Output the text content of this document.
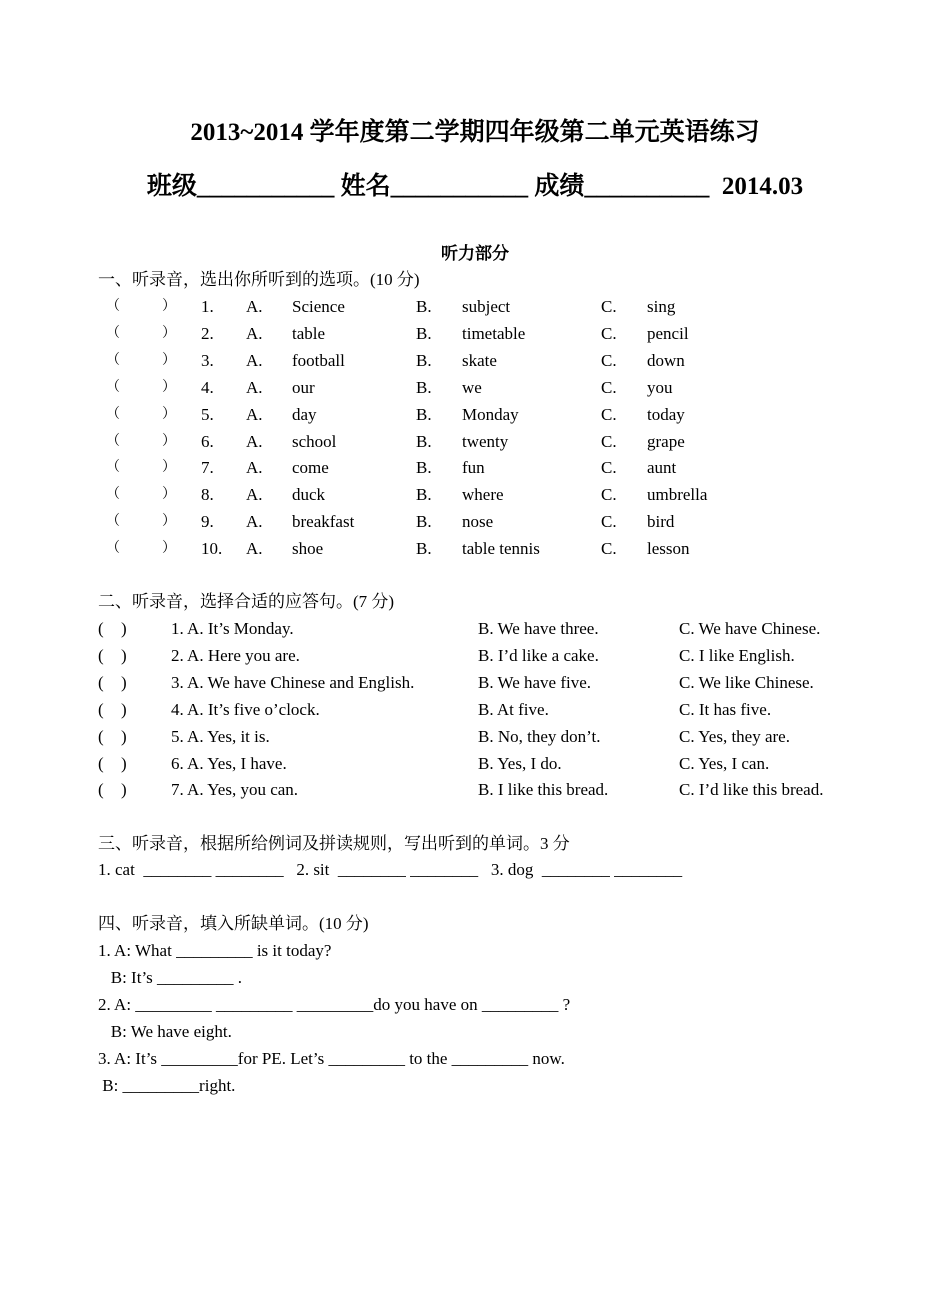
2013~2014 学年度第二学期四年级第二单元英语练习
班级___________ 姓名___________ 成绩__________  2014.03
听力部分
一、听录音，选出你所听到的选项。(10 分)
（	） 1. A. Science	B. subject	C. sing
（	） 2. A. table	B. timetable	C. pencil
（	） 3. A. football	B. skate	C. down
（	） 4. A. our	B. we	C. you
（	） 5. A. day	B. Monday	C. today
（	） 6. A. school	B. twenty	C. grape
（	） 7. A. come	B. fun	C. aunt
（	） 8. A. duck	B. where	C. umbrella
（	） 9. A. breakfast	B. nose	C. bird
（	） 10. A. shoe	B. table tennis	C. lesson
二、听录音，选择合适的应答句。(7 分)
( )	1. A. It’s Monday.	B. We have three.	C. We have Chinese.
( )	2. A. Here you are.	B. I’d like a cake.	C. I like English.
( )	3. A. We have Chinese and English.	B. We have five.	C. We like Chinese.
( )	4. A. It’s five o’clock.	B. At five.	C. It has five.
( )	5. A. Yes, it is.	B. No, they don’t.	C. Yes, they are.
( )	6. A. Yes, I have.	B. Yes, I do.	C. Yes, I can.
( )	7. A. Yes, you can.	B. I like this bread.	C. I’d like this bread.
三、听录音，根据所给例词及拼读规则，写出听到的单词。3 分
1. cat  ________ ________   2. sit  ________ ________   3. dog  ________ ________
四、听录音，填入所缺单词。(10 分)
1. A: What _________ is it today?
B: It’s _________ .
2. A: _________ _________ _________do you have on _________ ?
B: We have eight.
3. A: It’s _________for PE. Let’s _________ to the _________ now.
B: _________right.
